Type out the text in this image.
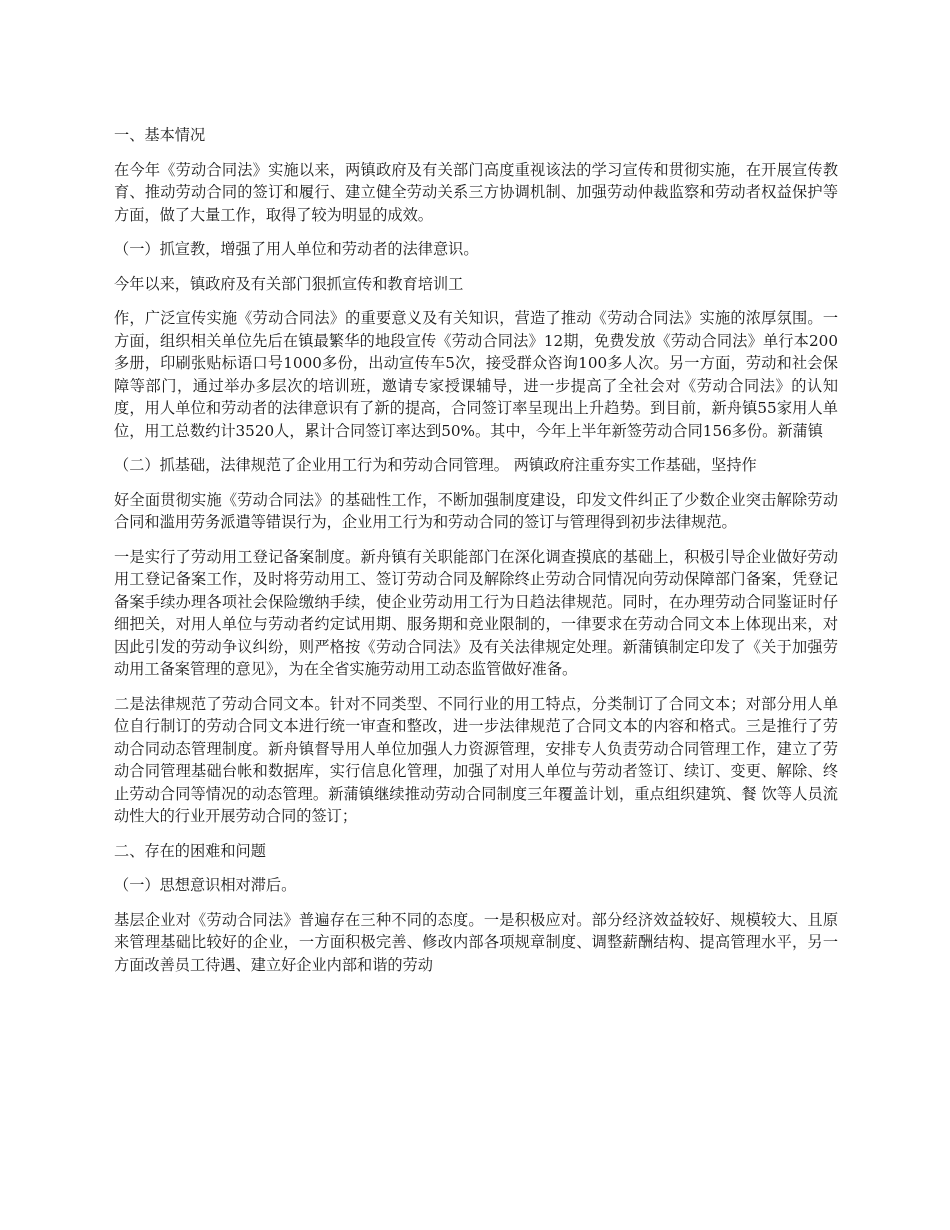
一、基本情况

在今年《劳动合同法》实施以来，两镇政府及有关部门高度重视该法的学习宣传和贯彻实施，在开展宣传教育、推动劳动合同的签订和履行、建立健全劳动关系三方协调机制、加强劳动仲裁监察和劳动者权益保护等方面，做了大量工作，取得了较为明显的成效。

（一）抓宣教，增强了用人单位和劳动者的法律意识。

今年以来，镇政府及有关部门狠抓宣传和教育培训工

作，广泛宣传实施《劳动合同法》的重要意义及有关知识，营造了推动《劳动合同法》实施的浓厚氛围。一方面，组织相关单位先后在镇最繁华的地段宣传《劳动合同法》12期，免费发放《劳动合同法》单行本200多册，印刷张贴标语口号1000多份，出动宣传车5次，接受群众咨询100多人次。另一方面，劳动和社会保障等部门，通过举办多层次的培训班，邀请专家授课辅导，进一步提高了全社会对《劳动合同法》的认知度，用人单位和劳动者的法律意识有了新的提高，合同签订率呈现出上升趋势。到目前，新舟镇55家用人单位，用工总数约计3520人，累计合同签订率达到50%。其中，今年上半年新签劳动合同156多份。新蒲镇

（二）抓基础，法律规范了企业用工行为和劳动合同管理。 两镇政府注重夯实工作基础，坚持作

好全面贯彻实施《劳动合同法》的基础性工作，不断加强制度建设，印发文件纠正了少数企业突击解除劳动合同和滥用劳务派遣等错误行为，企业用工行为和劳动合同的签订与管理得到初步法律规范。

一是实行了劳动用工登记备案制度。新舟镇有关职能部门在深化调查摸底的基础上，积极引导企业做好劳动用工登记备案工作，及时将劳动用工、签订劳动合同及解除终止劳动合同情况向劳动保障部门备案，凭登记备案手续办理各项社会保险缴纳手续，使企业劳动用工行为日趋法律规范。同时，在办理劳动合同鉴证时仔细把关，对用人单位与劳动者约定试用期、服务期和竞业限制的，一律要求在劳动合同文本上体现出来，对因此引发的劳动争议纠纷，则严格按《劳动合同法》及有关法律规定处理。新蒲镇制定印发了《关于加强劳动用工备案管理的意见》，为在全省实施劳动用工动态监管做好准备。

二是法律规范了劳动合同文本。针对不同类型、不同行业的用工特点，分类制订了合同文本；对部分用人单位自行制订的劳动合同文本进行统一审查和整改，进一步法律规范了合同文本的内容和格式。三是推行了劳动合同动态管理制度。新舟镇督导用人单位加强人力资源管理，安排专人负责劳动合同管理工作，建立了劳动合同管理基础台帐和数据库，实行信息化管理，加强了对用人单位与劳动者签订、续订、变更、解除、终止劳动合同等情况的动态管理。新蒲镇继续推动劳动合同制度三年覆盖计划，重点组织建筑、餐 饮等人员流动性大的行业开展劳动合同的签订；

二、存在的困难和问题

（一）思想意识相对滞后。

基层企业对《劳动合同法》普遍存在三种不同的态度。一是积极应对。部分经济效益较好、规模较大、且原来管理基础比较好的企业，一方面积极完善、修改内部各项规章制度、调整薪酬结构、提高管理水平，另一方面改善员工待遇、建立好企业内部和谐的劳动
